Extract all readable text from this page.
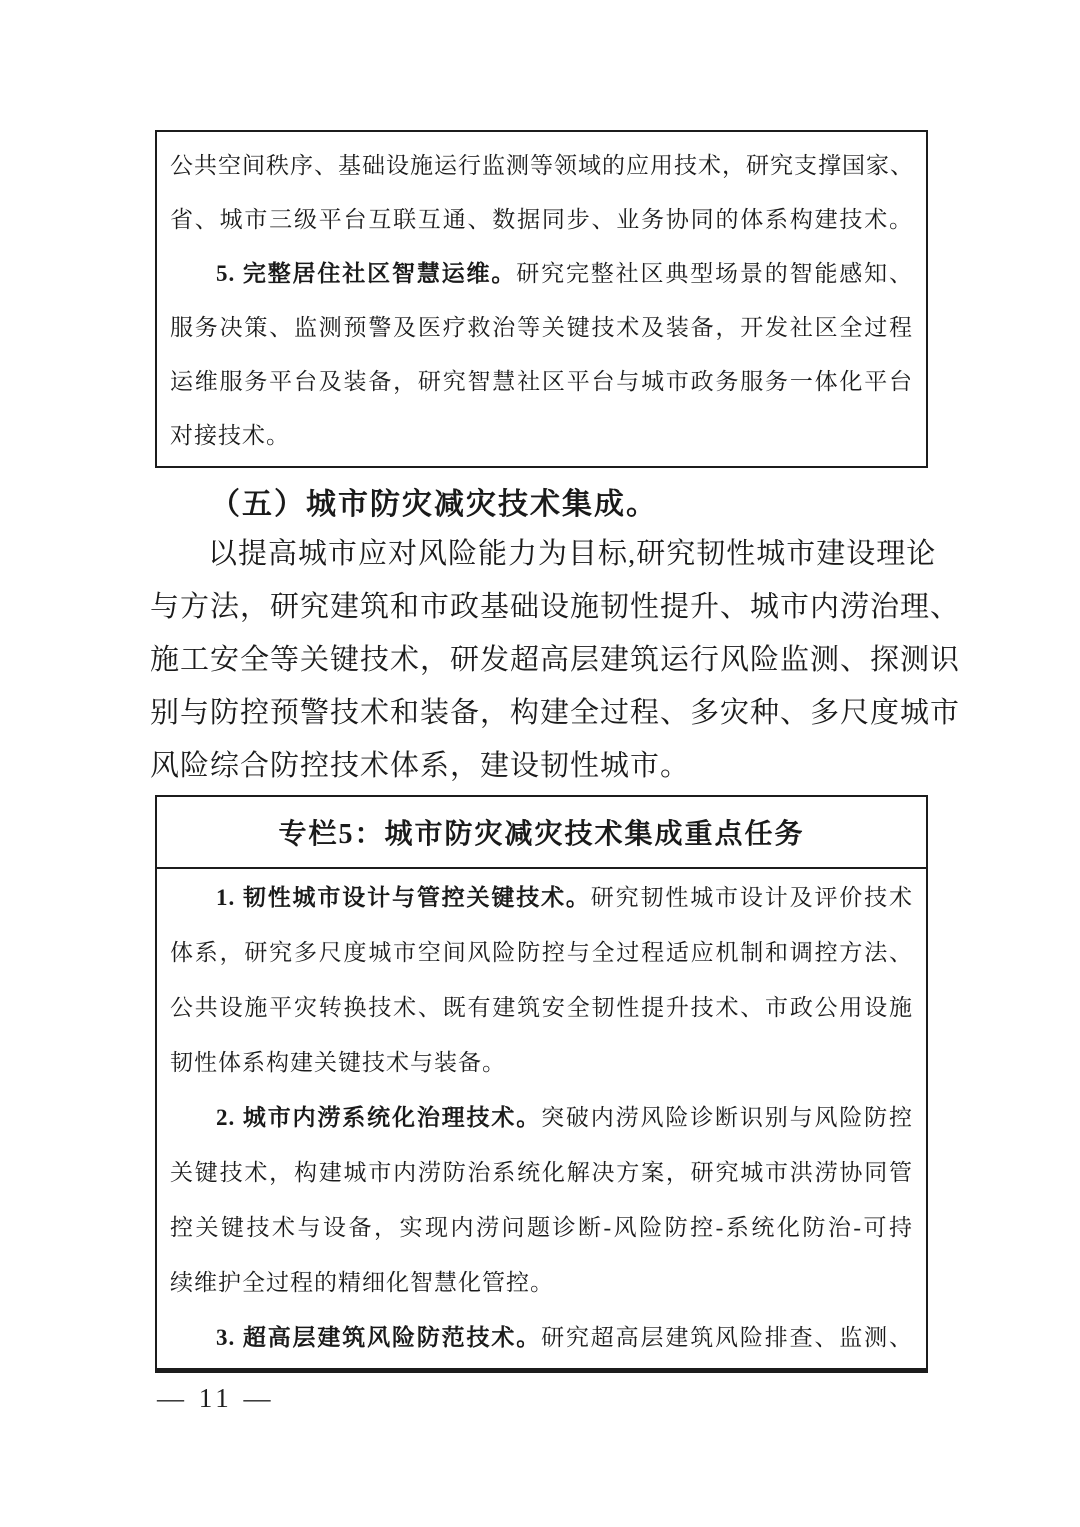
公共空间秩序、基础设施运行监测等领域的应用技术，研究支撑国家、
省、城市三级平台互联互通、数据同步、业务协同的体系构建技术。
5. 完整居住社区智慧运维。研究完整社区典型场景的智能感知、
服务决策、监测预警及医疗救治等关键技术及装备，开发社区全过程
运维服务平台及装备，研究智慧社区平台与城市政务服务一体化平台
对接技术。
（五）城市防灾减灾技术集成。
以提高城市应对风险能力为目标,研究韧性城市建设理论
与方法，研究建筑和市政基础设施韧性提升、城市内涝治理、
施工安全等关键技术，研发超高层建筑运行风险监测、探测识
别与防控预警技术和装备，构建全过程、多灾种、多尺度城市
风险综合防控技术体系，建设韧性城市。
专栏5：城市防灾减灾技术集成重点任务
1. 韧性城市设计与管控关键技术。研究韧性城市设计及评价技术
体系，研究多尺度城市空间风险防控与全过程适应机制和调控方法、
公共设施平灾转换技术、既有建筑安全韧性提升技术、市政公用设施
韧性体系构建关键技术与装备。
2. 城市内涝系统化治理技术。突破内涝风险诊断识别与风险防控
关键技术，构建城市内涝防治系统化解决方案，研究城市洪涝协同管
控关键技术与设备，实现内涝问题诊断-风险防控-系统化防治-可持
续维护全过程的精细化智慧化管控。
3. 超高层建筑风险防范技术。研究超高层建筑风险排查、监测、
— 11 —
